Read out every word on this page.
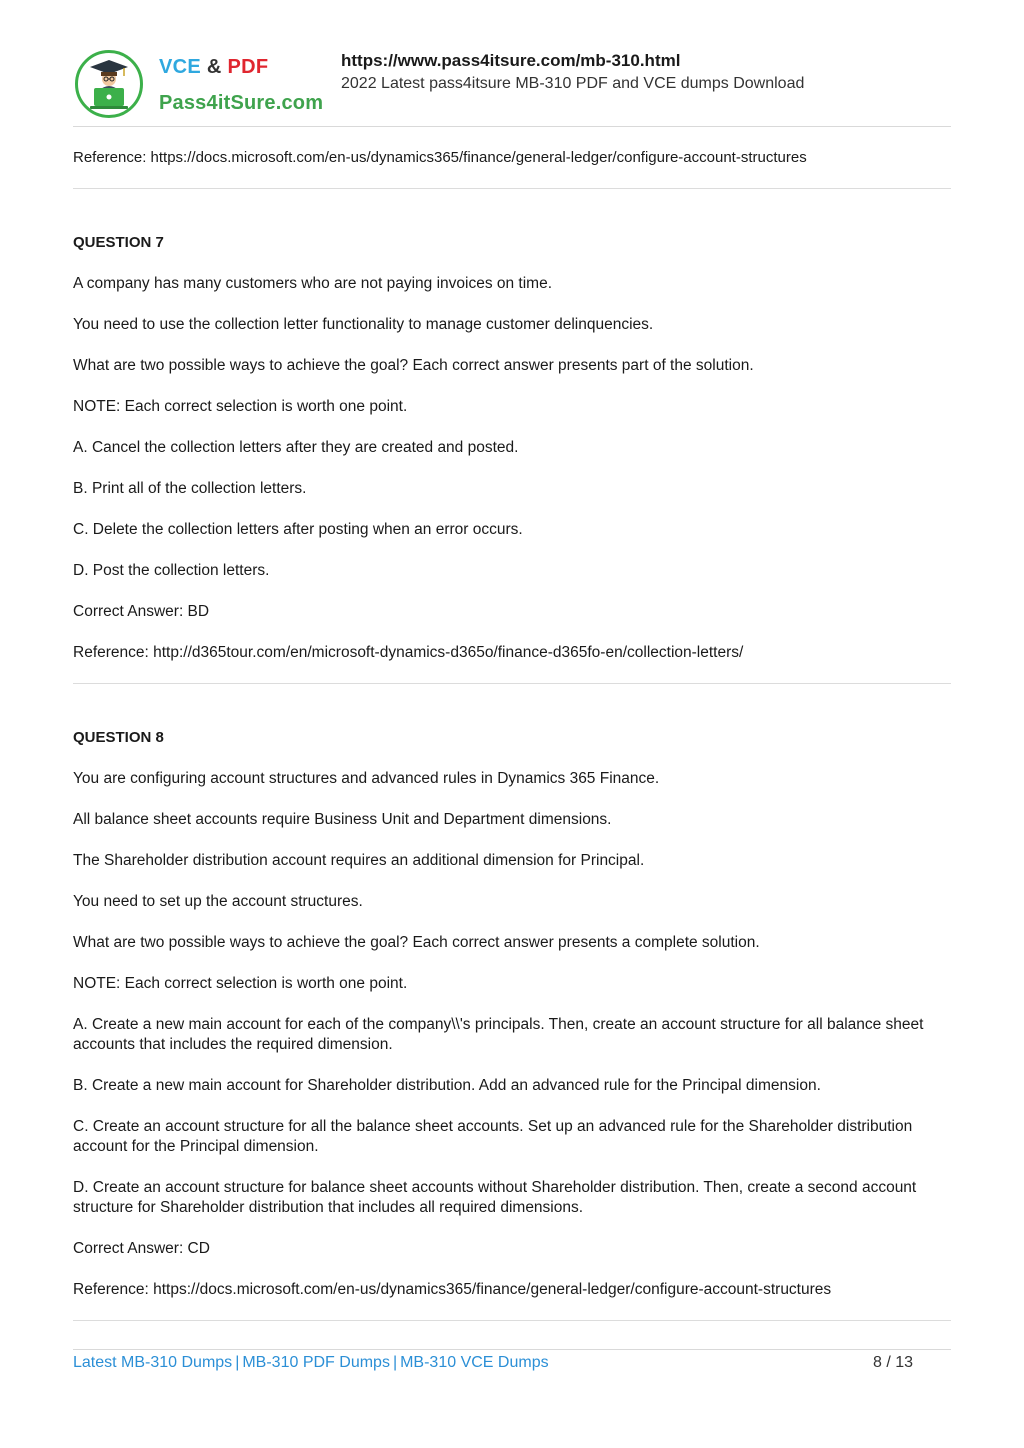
VCE & PDF
Pass4itSure.com
https://www.pass4itsure.com/mb-310.html
2022 Latest pass4itsure MB-310 PDF and VCE dumps Download
Reference: https://docs.microsoft.com/en-us/dynamics365/finance/general-ledger/configure-account-structures

QUESTION 7

A company has many customers who are not paying invoices on time.

You need to use the collection letter functionality to manage customer delinquencies.

What are two possible ways to achieve the goal? Each correct answer presents part of the solution.

NOTE: Each correct selection is worth one point.

A. Cancel the collection letters after they are created and posted.

B. Print all of the collection letters.

C. Delete the collection letters after posting when an error occurs.

D. Post the collection letters.

Correct Answer: BD

Reference: http://d365tour.com/en/microsoft-dynamics-d365o/finance-d365fo-en/collection-letters/

QUESTION 8

You are configuring account structures and advanced rules in Dynamics 365 Finance.

All balance sheet accounts require Business Unit and Department dimensions.

The Shareholder distribution account requires an additional dimension for Principal.

You need to set up the account structures.

What are two possible ways to achieve the goal? Each correct answer presents a complete solution.

NOTE: Each correct selection is worth one point.

A. Create a new main account for each of the company\\'s principals. Then, create an account structure for all balance sheet accounts that includes the required dimension.

B. Create a new main account for Shareholder distribution. Add an advanced rule for the Principal dimension.

C. Create an account structure for all the balance sheet accounts. Set up an advanced rule for the Shareholder distribution account for the Principal dimension.

D. Create an account structure for balance sheet accounts without Shareholder distribution. Then, create a second account structure for Shareholder distribution that includes all required dimensions.

Correct Answer: CD

Reference: https://docs.microsoft.com/en-us/dynamics365/finance/general-ledger/configure-account-structures

Latest MB-310 Dumps | MB-310 PDF Dumps | MB-310 VCE Dumps	8 / 13
